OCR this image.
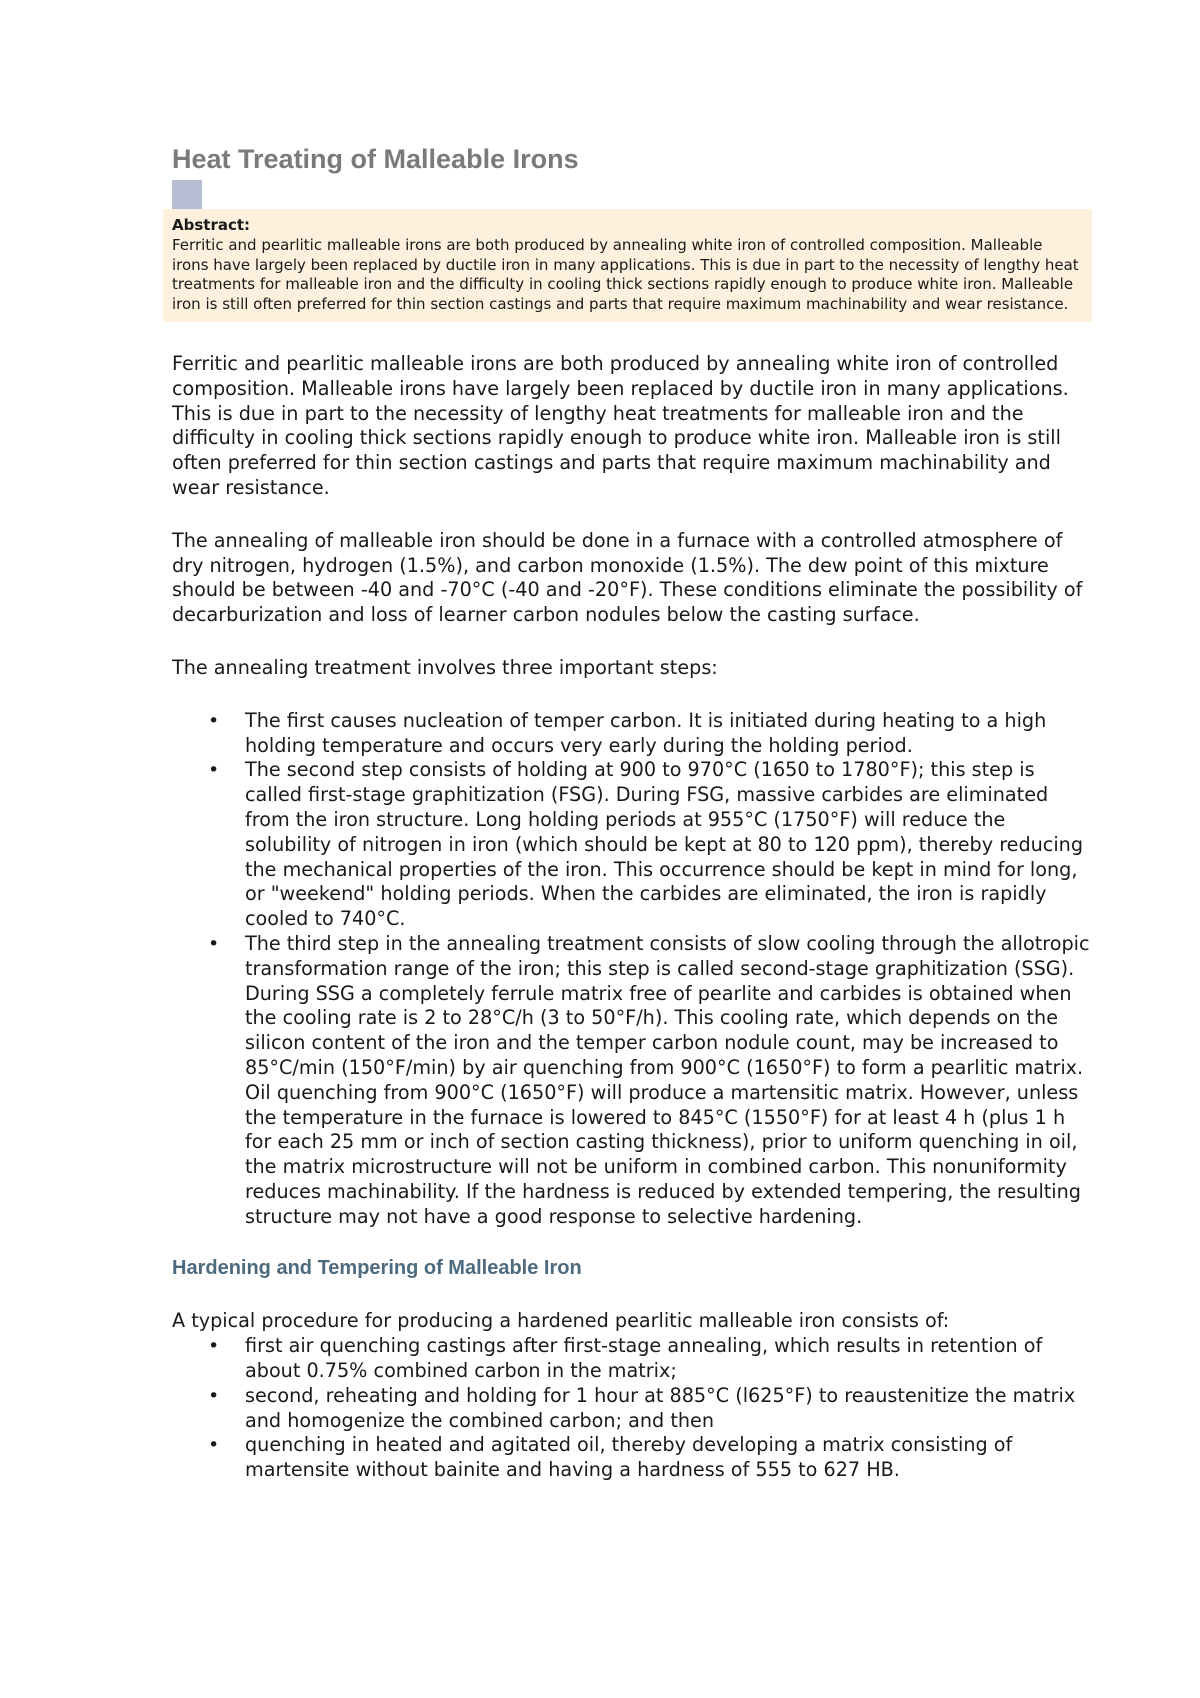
Heat Treating of Malleable Irons
Abstract:
Ferritic and pearlitic malleable irons are both produced by annealing white iron of controlled composition. Malleable irons have largely been replaced by ductile iron in many applications. This is due in part to the necessity of lengthy heat treatments for malleable iron and the difficulty in cooling thick sections rapidly enough to produce white iron. Malleable iron is still often preferred for thin section castings and parts that require maximum machinability and wear resistance.

Ferritic and pearlitic malleable irons are both produced by annealing white iron of controlled composition. Malleable irons have largely been replaced by ductile iron in many applications. This is due in part to the necessity of lengthy heat treatments for malleable iron and the difficulty in cooling thick sections rapidly enough to produce white iron. Malleable iron is still often preferred for thin section castings and parts that require maximum machinability and wear resistance.

The annealing of malleable iron should be done in a furnace with a controlled atmosphere of dry nitrogen, hydrogen (1.5%), and carbon monoxide (1.5%). The dew point of this mixture should be between -40 and -70°C (-40 and -20°F). These conditions eliminate the possibility of decarburization and loss of learner carbon nodules below the casting surface.

The annealing treatment involves three important steps:

• The first causes nucleation of temper carbon. It is initiated during heating to a high holding temperature and occurs very early during the holding period.
• The second step consists of holding at 900 to 970°C (1650 to 1780°F); this step is called first-stage graphitization (FSG). During FSG, massive carbides are eliminated from the iron structure. Long holding periods at 955°C (1750°F) will reduce the solubility of nitrogen in iron (which should be kept at 80 to 120 ppm), thereby reducing the mechanical properties of the iron. This occurrence should be kept in mind for long, or "weekend" holding periods. When the carbides are eliminated, the iron is rapidly cooled to 740°C.
• The third step in the annealing treatment consists of slow cooling through the allotropic transformation range of the iron; this step is called second-stage graphitization (SSG). During SSG a completely ferrule matrix free of pearlite and carbides is obtained when the cooling rate is 2 to 28°C/h (3 to 50°F/h). This cooling rate, which depends on the silicon content of the iron and the temper carbon nodule count, may be increased to 85°C/min (150°F/min) by air quenching from 900°C (1650°F) to form a pearlitic matrix. Oil quenching from 900°C (1650°F) will produce a martensitic matrix. However, unless the temperature in the furnace is lowered to 845°C (1550°F) for at least 4 h (plus 1 h for each 25 mm or inch of section casting thickness), prior to uniform quenching in oil, the matrix microstructure will not be uniform in combined carbon. This nonuniformity reduces machinability. If the hardness is reduced by extended tempering, the resulting structure may not have a good response to selective hardening.
Hardening and Tempering of Malleable Iron

A typical procedure for producing a hardened pearlitic malleable iron consists of:

• first air quenching castings after first-stage annealing, which results in retention of about 0.75% combined carbon in the matrix;
• second, reheating and holding for 1 hour at 885°C (l625°F) to reaustenitize the matrix and homogenize the combined carbon; and then
• quenching in heated and agitated oil, thereby developing a matrix consisting of martensite without bainite and having a hardness of 555 to 627 HB.
